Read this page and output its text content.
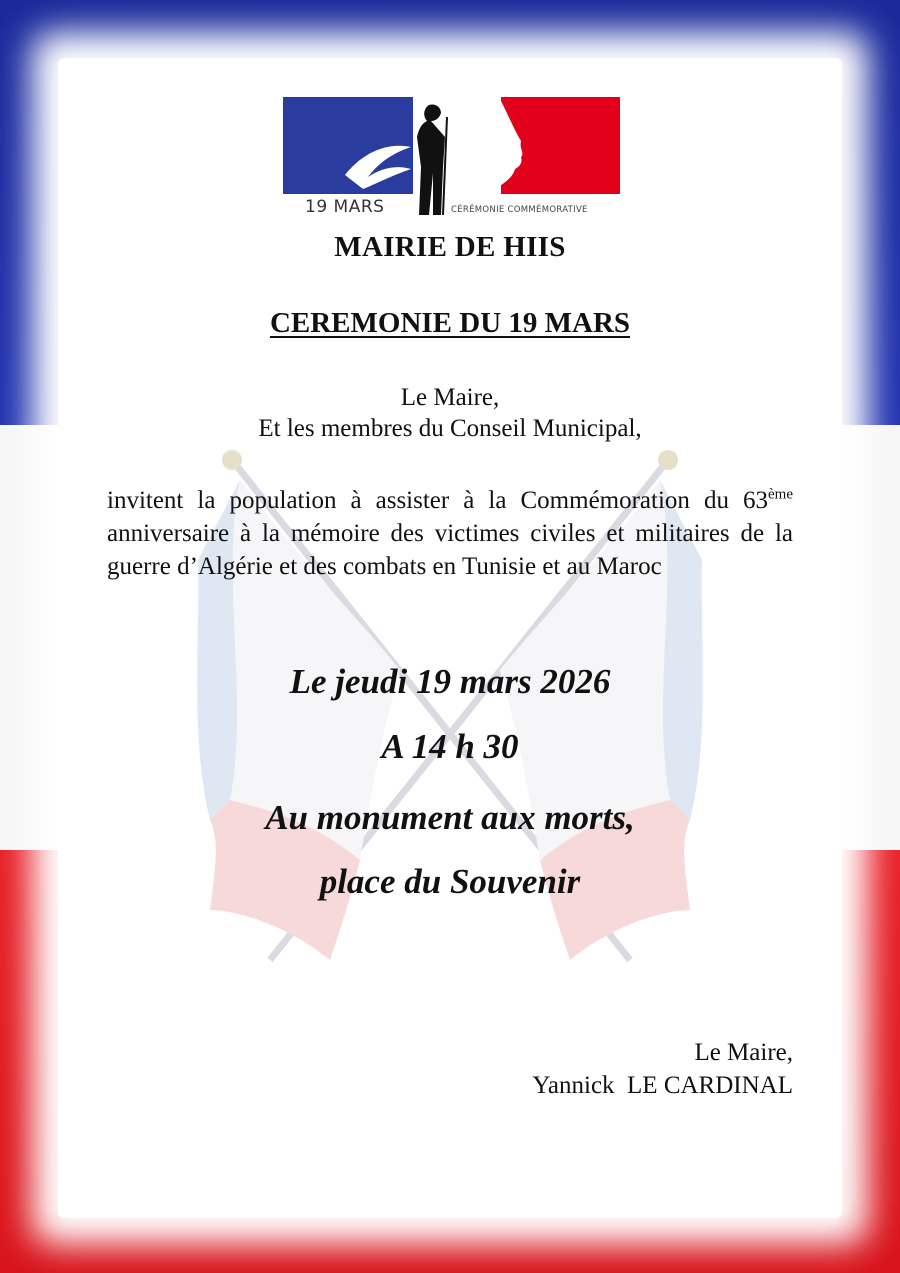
19 MARS	CÉRÉMONIE COMMÉMORATIVE
MAIRIE DE HIIS
CEREMONIE DU 19 MARS
Le Maire,
Et les membres du Conseil Municipal,
invitent la population à assister à la Commémoration du 63ème anniversaire à la mémoire des victimes civiles et militaires de la guerre d’Algérie et des combats en Tunisie et au Maroc
Le jeudi 19 mars 2026
A 14 h 30
Au monument aux morts,
place du Souvenir
Le Maire,
Yannick  LE CARDINAL
